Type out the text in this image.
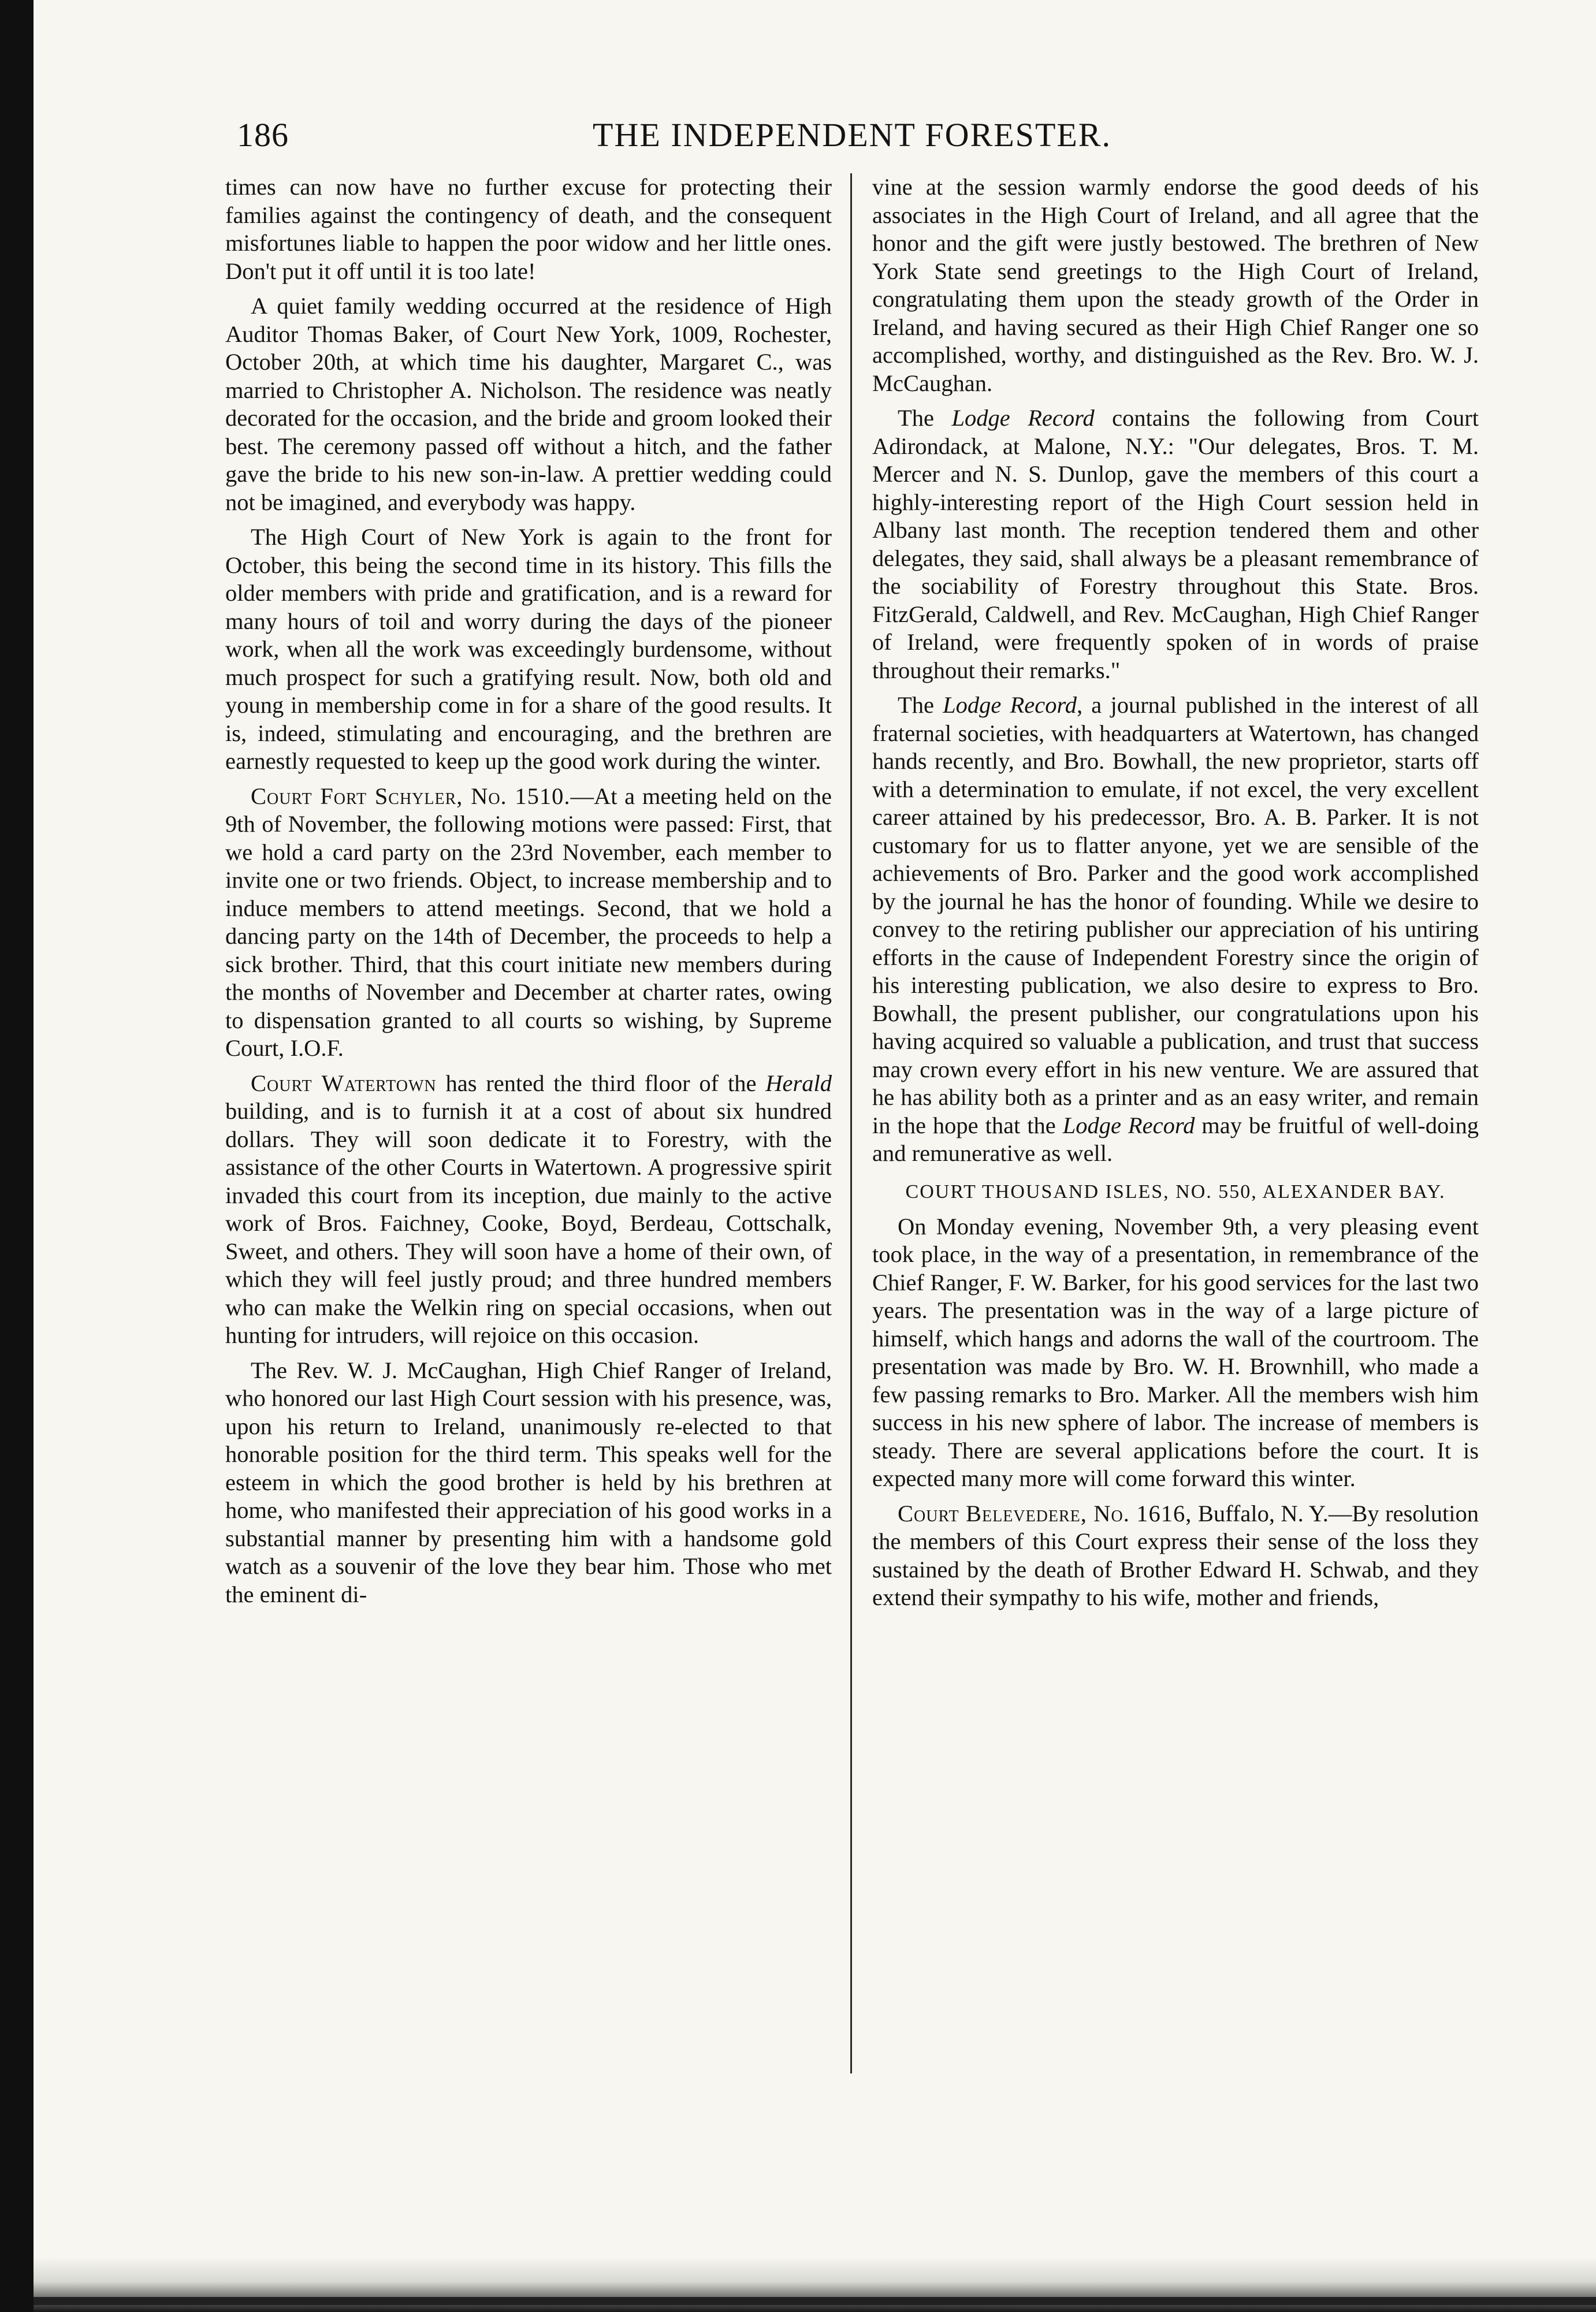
186	THE INDEPENDENT FORESTER.

times can now have no further excuse for protecting their families against the contingency of death, and the consequent misfortunes liable to happen the poor widow and her little ones. Don't put it off until it is too late!

A quiet family wedding occurred at the residence of High Auditor Thomas Baker, of Court New York, 1009, Rochester, October 20th, at which time his daughter, Margaret C., was married to Christopher A. Nicholson. The residence was neatly decorated for the occasion, and the bride and groom looked their best. The ceremony passed off without a hitch, and the father gave the bride to his new son-in-law. A prettier wedding could not be imagined, and everybody was happy.

The High Court of New York is again to the front for October, this being the second time in its history. This fills the older members with pride and gratification, and is a reward for many hours of toil and worry during the days of the pioneer work, when all the work was exceedingly burdensome, without much prospect for such a gratifying result. Now, both old and young in membership come in for a share of the good results. It is, indeed, stimulating and encouraging, and the brethren are earnestly requested to keep up the good work during the winter.

Court Fort Schyler, No. 1510.—At a meeting held on the 9th of November, the following motions were passed: First, that we hold a card party on the 23rd November, each member to invite one or two friends. Object, to increase membership and to induce members to attend meetings. Second, that we hold a dancing party on the 14th of December, the proceeds to help a sick brother. Third, that this court initiate new members during the months of November and December at charter rates, owing to dispensation granted to all courts so wishing, by Supreme Court, I.O.F.

Court Watertown has rented the third floor of the Herald building, and is to furnish it at a cost of about six hundred dollars. They will soon dedicate it to Forestry, with the assistance of the other Courts in Watertown. A progressive spirit invaded this court from its inception, due mainly to the active work of Bros. Faichney, Cooke, Boyd, Berdeau, Cottschalk, Sweet, and others. They will soon have a home of their own, of which they will feel justly proud; and three hundred members who can make the Welkin ring on special occasions, when out hunting for intruders, will rejoice on this occasion.

The Rev. W. J. McCaughan, High Chief Ranger of Ireland, who honored our last High Court session with his presence, was, upon his return to Ireland, unanimously re-elected to that honorable position for the third term. This speaks well for the esteem in which the good brother is held by his brethren at home, who manifested their appreciation of his good works in a substantial manner by presenting him with a handsome gold watch as a souvenir of the love they bear him. Those who met the eminent di-

vine at the session warmly endorse the good deeds of his associates in the High Court of Ireland, and all agree that the honor and the gift were justly bestowed. The brethren of New York State send greetings to the High Court of Ireland, congratulating them upon the steady growth of the Order in Ireland, and having secured as their High Chief Ranger one so accomplished, worthy, and distinguished as the Rev. Bro. W. J. McCaughan.

The Lodge Record contains the following from Court Adirondack, at Malone, N.Y.: "Our delegates, Bros. T. M. Mercer and N. S. Dunlop, gave the members of this court a highly-interesting report of the High Court session held in Albany last month. The reception tendered them and other delegates, they said, shall always be a pleasant remembrance of the sociability of Forestry throughout this State. Bros. FitzGerald, Caldwell, and Rev. McCaughan, High Chief Ranger of Ireland, were frequently spoken of in words of praise throughout their remarks."

The Lodge Record, a journal published in the interest of all fraternal societies, with headquarters at Watertown, has changed hands recently, and Bro. Bowhall, the new proprietor, starts off with a determination to emulate, if not excel, the very excellent career attained by his predecessor, Bro. A. B. Parker. It is not customary for us to flatter anyone, yet we are sensible of the achievements of Bro. Parker and the good work accomplished by the journal he has the honor of founding. While we desire to convey to the retiring publisher our appreciation of his untiring efforts in the cause of Independent Forestry since the origin of his interesting publication, we also desire to express to Bro. Bowhall, the present publisher, our congratulations upon his having acquired so valuable a publication, and trust that success may crown every effort in his new venture. We are assured that he has ability both as a printer and as an easy writer, and remain in the hope that the Lodge Record may be fruitful of well-doing and remunerative as well.

COURT THOUSAND ISLES, NO. 550, ALEXANDER BAY.

On Monday evening, November 9th, a very pleasing event took place, in the way of a presentation, in remembrance of the Chief Ranger, F. W. Barker, for his good services for the last two years. The presentation was in the way of a large picture of himself, which hangs and adorns the wall of the courtroom. The presentation was made by Bro. W. H. Brownhill, who made a few passing remarks to Bro. Marker. All the members wish him success in his new sphere of labor. The increase of members is steady. There are several applications before the court. It is expected many more will come forward this winter.

Court Belevedere, No. 1616, Buffalo, N. Y.—By resolution the members of this Court express their sense of the loss they sustained by the death of Brother Edward H. Schwab, and they extend their sympathy to his wife, mother and friends,
